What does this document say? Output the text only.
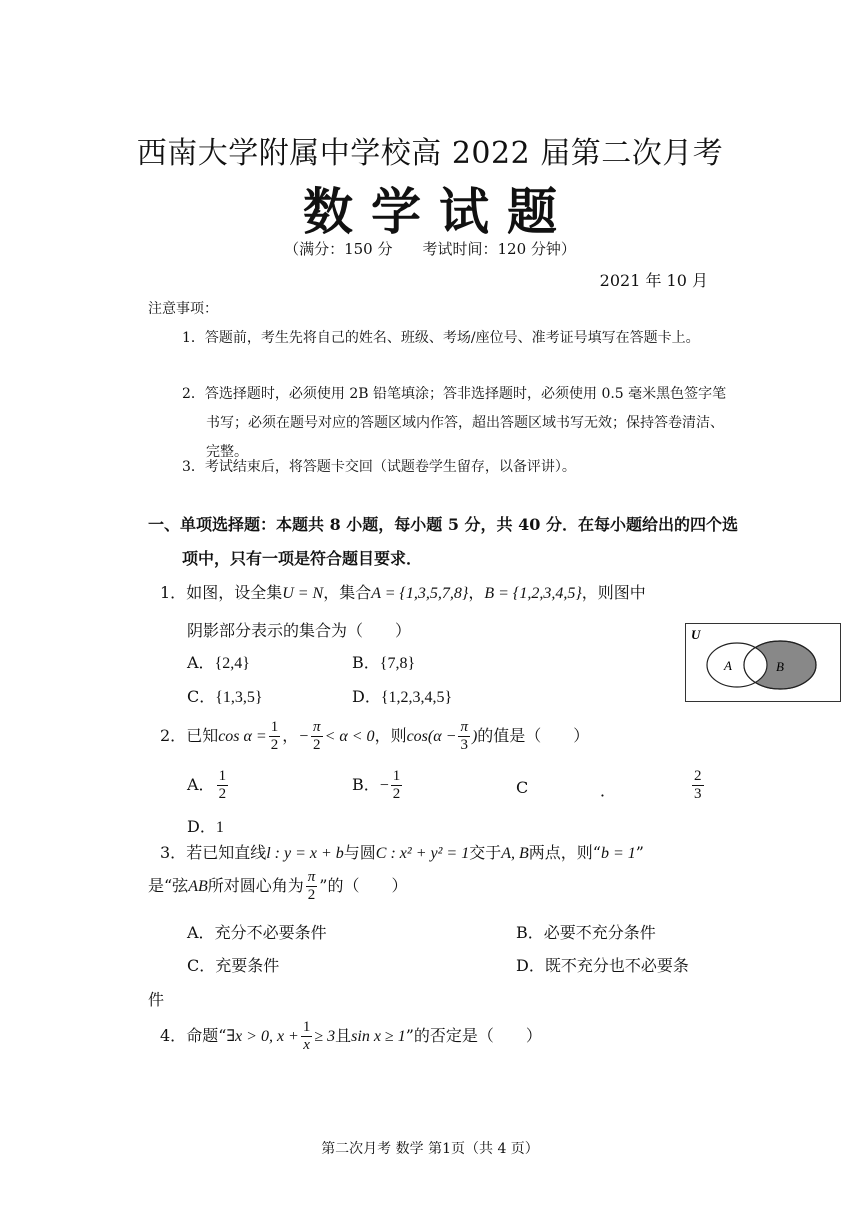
西南大学附属中学校高 2022 届第二次月考
数学试题
（满分：150 分　　考试时间：120 分钟）
2021 年 10 月
注意事项：
1．答题前，考生先将自己的姓名、班级、考场/座位号、准考证号填写在答题卡上。
2．答选择题时，必须使用 2B 铅笔填涂；答非选择题时，必须使用 0.5 毫米黑色签字笔书写；必须在题号对应的答题区域内作答，超出答题区域书写无效；保持答卷清洁、完整。
3．考试结束后，将答题卡交回（试题卷学生留存，以备评讲）。
一、单项选择题：本题共 8 小题，每小题 5 分，共 40 分．在每小题给出的四个选项中，只有一项是符合题目要求．
1．如图，设全集U = N，集合A = {1,3,5,7,8}，B = {1,2,3,4,5}，则图中
阴影部分表示的集合为（　　）
A．{2,4}	B．{7,8}
C．{1,3,5}	D．{1,2,3,4,5}
U
A	B
2．已知$\cos \alpha = \frac{1}{2}$ ，− $\frac{\pi}{2} < \alpha < 0$，则$\cos(\alpha - \frac{\pi}{3}$ )的值是（　　）
A． $\frac{1}{2}$	B．− $\frac{1}{2}$	C	．	$\frac{2}{3}$
D．1
3．若已知直线l : y = x + b与圆C : x² + y² = 1交于A, B两点，则“b = 1”
是“弦AB所对圆心角为 $\frac{\pi}{2}$ ”的（　　）
A．充分不必要条件	B．必要不充分条件
C．充要条件	D．既不充分也不必要条
件
4．命题“∃x > 0, $x + \frac{1}{x} \ge 3$且sin x ≥ 1”的否定是（　　）
第二次月考 数学 第1页（共 4 页）
